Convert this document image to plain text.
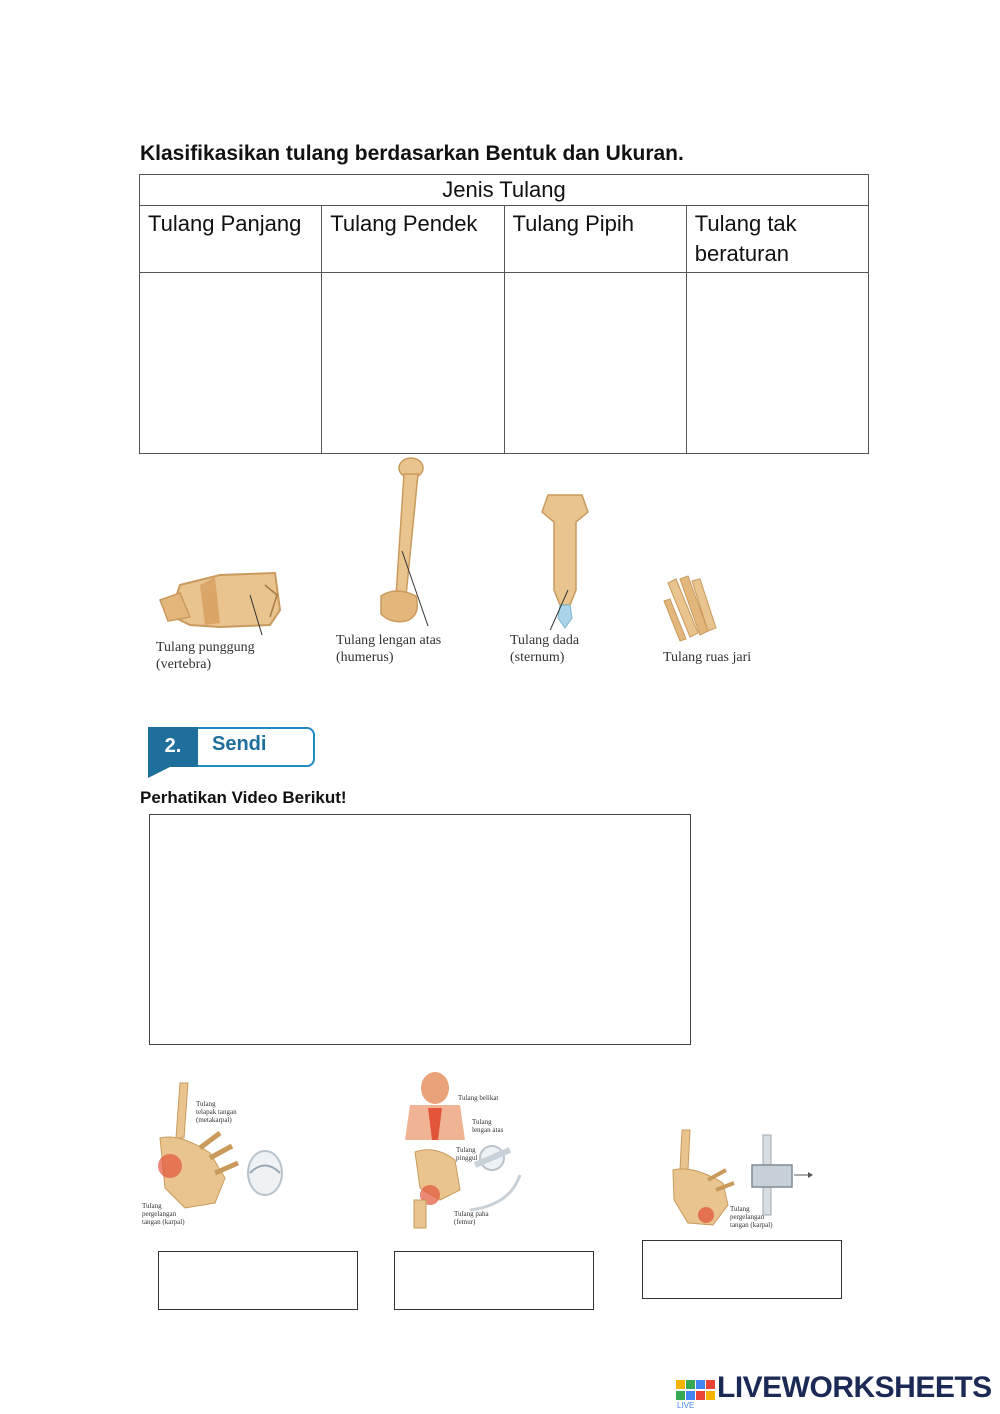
Klasifikasikan tulang berdasarkan Bentuk dan Ukuran.
Jenis Tulang			
Tulang Panjang	Tulang Pendek	Tulang Pipih	Tulang tak beraturan

Tulang punggung
(vertebra)
Tulang lengan atas
(humerus)
Tulang dada
(sternum)	Tulang ruas jari
2.	Sendi
Perhatikan Video Berikut!
Tulang
telapak tangan
(metakarpal)
Tulang
pergelangan
tangan (karpal)
Tulang belikat
Tulang
lengan atas
Tulang
pinggul
Tulang paha
(femur)
Tulang
pergelangan
tangan (karpal)
LIVE
LIVEWORKSHEETS
